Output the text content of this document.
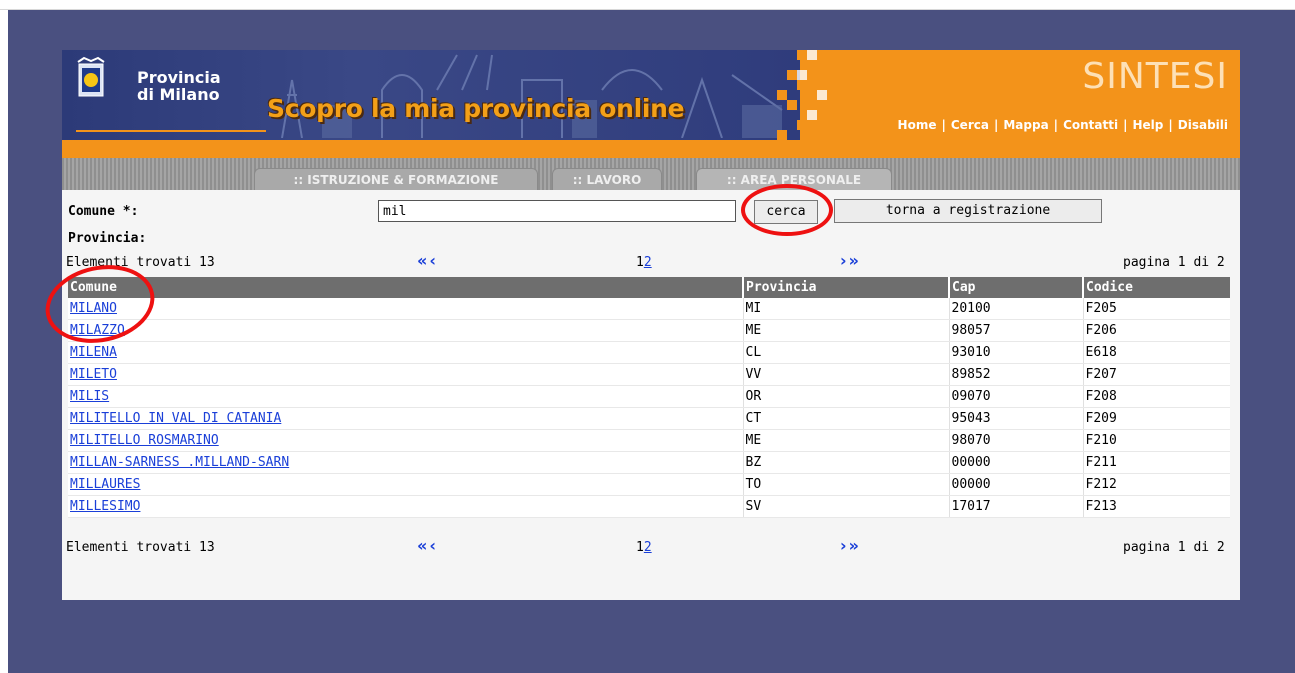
Provincia
di Milano Scopro la mia provincia online
SINTESI
Home | Cerca | Mappa | Contatti | Help | Disabili
:: ISTRUZIONE & FORMAZIONE	:: LAVORO	:: AREA PERSONALE
Comune *:
mil	cerca	torna a registrazione
Provincia:
Elementi trovati 13	«‹	12	›»	pagina 1 di 2
Comune	Provincia	Cap	Codice
MILANO	MI	20100	F205
MILAZZO	ME	98057	F206
MILENA	CL	93010	E618
MILETO	VV	89852	F207
MILIS	OR	09070	F208
MILITELLO IN VAL DI CATANIA	CT	95043	F209
MILITELLO ROSMARINO	ME	98070	F210
MILLAN-SARNESS .MILLAND-SARN	BZ	00000	F211
MILLAURES	TO	00000	F212
MILLESIMO	SV	17017	F213
Elementi trovati 13	«‹	12	›»	pagina 1 di 2
